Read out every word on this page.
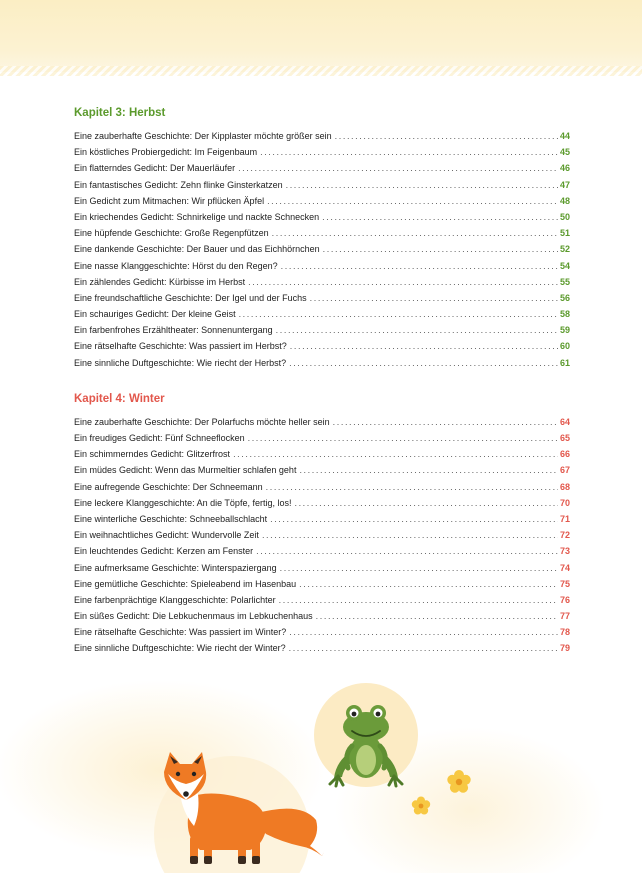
Kapitel 3: Herbst
Eine zauberhafte Geschichte: Der Kipplaster möchte größer sein .....	44
Ein köstliches Probiergedicht: Im Feigenbaum .....	45
Ein flatterndes Gedicht: Der Mauerläufer .....	46
Ein fantastisches Gedicht: Zehn flinke Ginsterkatzen .....	47
Ein Gedicht zum Mitmachen: Wir pflücken Äpfel .....	48
Ein kriechendes Gedicht: Schnirkelige und nackte Schnecken .....	50
Eine hüpfende Geschichte: Große Regenpfützen .....	51
Eine dankende Geschichte: Der Bauer und das Eichhörnchen .....	52
Eine nasse Klanggeschichte: Hörst du den Regen? .....	54
Ein zählendes Gedicht: Kürbisse im Herbst .....	55
Eine freundschaftliche Geschichte: Der Igel und der Fuchs .....	56
Ein schauriges Gedicht: Der kleine Geist .....	58
Ein farbenfrohes Erzähltheater: Sonnenuntergang .....	59
Eine rätselhafte Geschichte: Was passiert im Herbst? .....	60
Eine sinnliche Duftgeschichte: Wie riecht der Herbst? .....	61
Kapitel 4: Winter
Eine zauberhafte Geschichte: Der Polarfuchs möchte heller sein .....	64
Ein freudiges Gedicht: Fünf Schneeflocken .....	65
Ein schimmerndes Gedicht: Glitzerfrost .....	66
Ein müdes Gedicht: Wenn das Murmeltier schlafen geht .....	67
Eine aufregende Geschichte: Der Schneemann .....	68
Eine leckere Klanggeschichte: An die Töpfe, fertig, los! .....	70
Eine winterliche Geschichte: Schneeballschlacht .....	71
Ein weihnachtliches Gedicht: Wundervolle Zeit .....	72
Ein leuchtendes Gedicht: Kerzen am Fenster .....	73
Eine aufmerksame Geschichte: Winterspaziergang .....	74
Eine gemütliche Geschichte: Spieleabend im Hasenbau .....	75
Eine farbenprächtige Klanggeschichte: Polarlichter .....	76
Ein süßes Gedicht: Die Lebkuchenmaus im Lebkuchenhaus .....	77
Eine rätselhafte Geschichte: Was passiert im Winter? .....	78
Eine sinnliche Duftgeschichte: Wie riecht der Winter? .....	79
